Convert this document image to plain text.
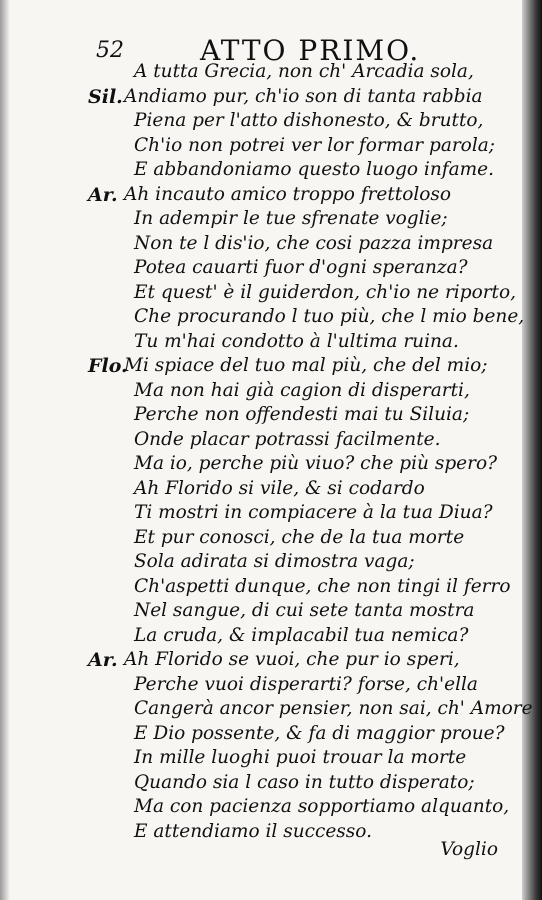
52	ATTO PRIMO.
A tutta Grecia, non ch' Arcadia sola,
Sil. Andiamo pur, ch'io son di tanta rabbia
Piena per l'atto dishonesto, & brutto,
Ch'io non potrei ver lor formar parola;
E abbandoniamo questo luogo infame.
Ar. Ah incauto amico troppo frettoloso
In adempir le tue sfrenate voglie;
Non te l dis'io, che cosi pazza impresa
Potea cauarti fuor d'ogni speranza?
Et quest' è il guiderdon, ch'io ne riporto,
Che procurando l tuo più, che l mio bene,
Tu m'hai condotto à l'ultima ruina.
Flo.
Mi spiace del tuo mal più, che del mio;
Ma non hai già cagion di disperarti,
Perche non offendesti mai tu Siluia;
Onde placar potrassi facilmente.
Ma io, perche più viuo? che più spero?
Ah Florido si vile, & si codardo
Ti mostri in compiacere à la tua Diua?
Et pur conosci, che de la tua morte
Sola adirata si dimostra vaga;
Ch'aspetti dunque, che non tingi il ferro
Nel sangue, di cui sete tanta mostra
La cruda, & implacabil tua nemica?
Ar. Ah Florido se vuoi, che pur io speri,
Perche vuoi disperarti? forse, ch'ella
Cangerà ancor pensier, non sai, ch' Amore
E Dio possente, & fa di maggior proue?
In mille luoghi puoi trouar la morte
Quando sia l caso in tutto disperato;
Ma con pacienza sopportiamo alquanto,
E attendiamo il successo.
Voglio
